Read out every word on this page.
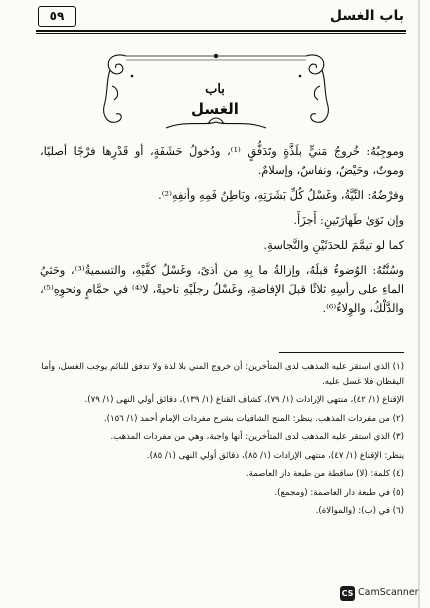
باب الغسل
٥٩
باب
الغسل

وموجِبُهُ: خُروجُ مَنيٍّ بلَذَّةٍ وتَدَفُّقٍ ⁽¹⁾، ودُخولُ حَشَفَةٍ، أو قَدْرِها فرْجًا أصليًا، وموتٌ، وحَيْضٌ، ونفاسٌ، وإسلامٌ.

وفرْضُهُ: النِّيَّةُ، وغَسْلُ كُلِّ بَشَرَتِهِ، وبَاطِنُ فَمِهِ وأنفِهِ⁽²⁾.

وإن نَوَىٰ طَهارَتَينِ: أَجزَأَ.

كما لو تيمَّمَ للحدَثَيْنِ والنَّجاسةِ.

وسُنَّتُهُ: الوُضوءُ قبلَهُ، وإزالةُ ما بِهِ من أذىً، وغَسْلُ كفَّيْهِ، والتسميةُ⁽³⁾، وحَثيُ الماءِ على رأسِهِ ثلاثًا قبلَ الإفاضةِ، وغَسْلُ رجلَيْهِ ناحيةً، لا⁽⁴⁾ في حمَّامٍ ونحوِهِ⁽⁵⁾، والدَّلْكُ، والوِلاءُ⁽⁶⁾.

(١) الذي استقر عليه المذهب لدى المتأخرين: أن خروج المني بلا لذة ولا تدفق للنائم يوجب الغسل، وأما اليقظان فلا غسل عليه.

الإقناع (١/ ٤٢)، منتهى الإرادات (١/ ٧٩)، كشاف القناع (١/ ١٣٩)، دقائق أولي النهى (١/ ٧٩).

(٢) من مفردات المذهب. ينظر: المنح الشافيات بشرح مفردات الإمام أحمد (١/ ١٥٦).

(٣) الذي استقر عليه المذهب لدى المتأخرين: أنها واجبة، وهي من مفردات المذهب.

ينظر: الإقناع (١/ ٤٧)، منتهى الإرادات (١/ ٨٥)، دقائق أولي النهى (١/ ٨٥).

(٤) كلمة: (لا) ساقطة من طبعة دار العاصمة.

(٥) في طبعة دار العاصمة: (ومجمع).

(٦) في (ب): (والموالاة).

CS CamScanner
